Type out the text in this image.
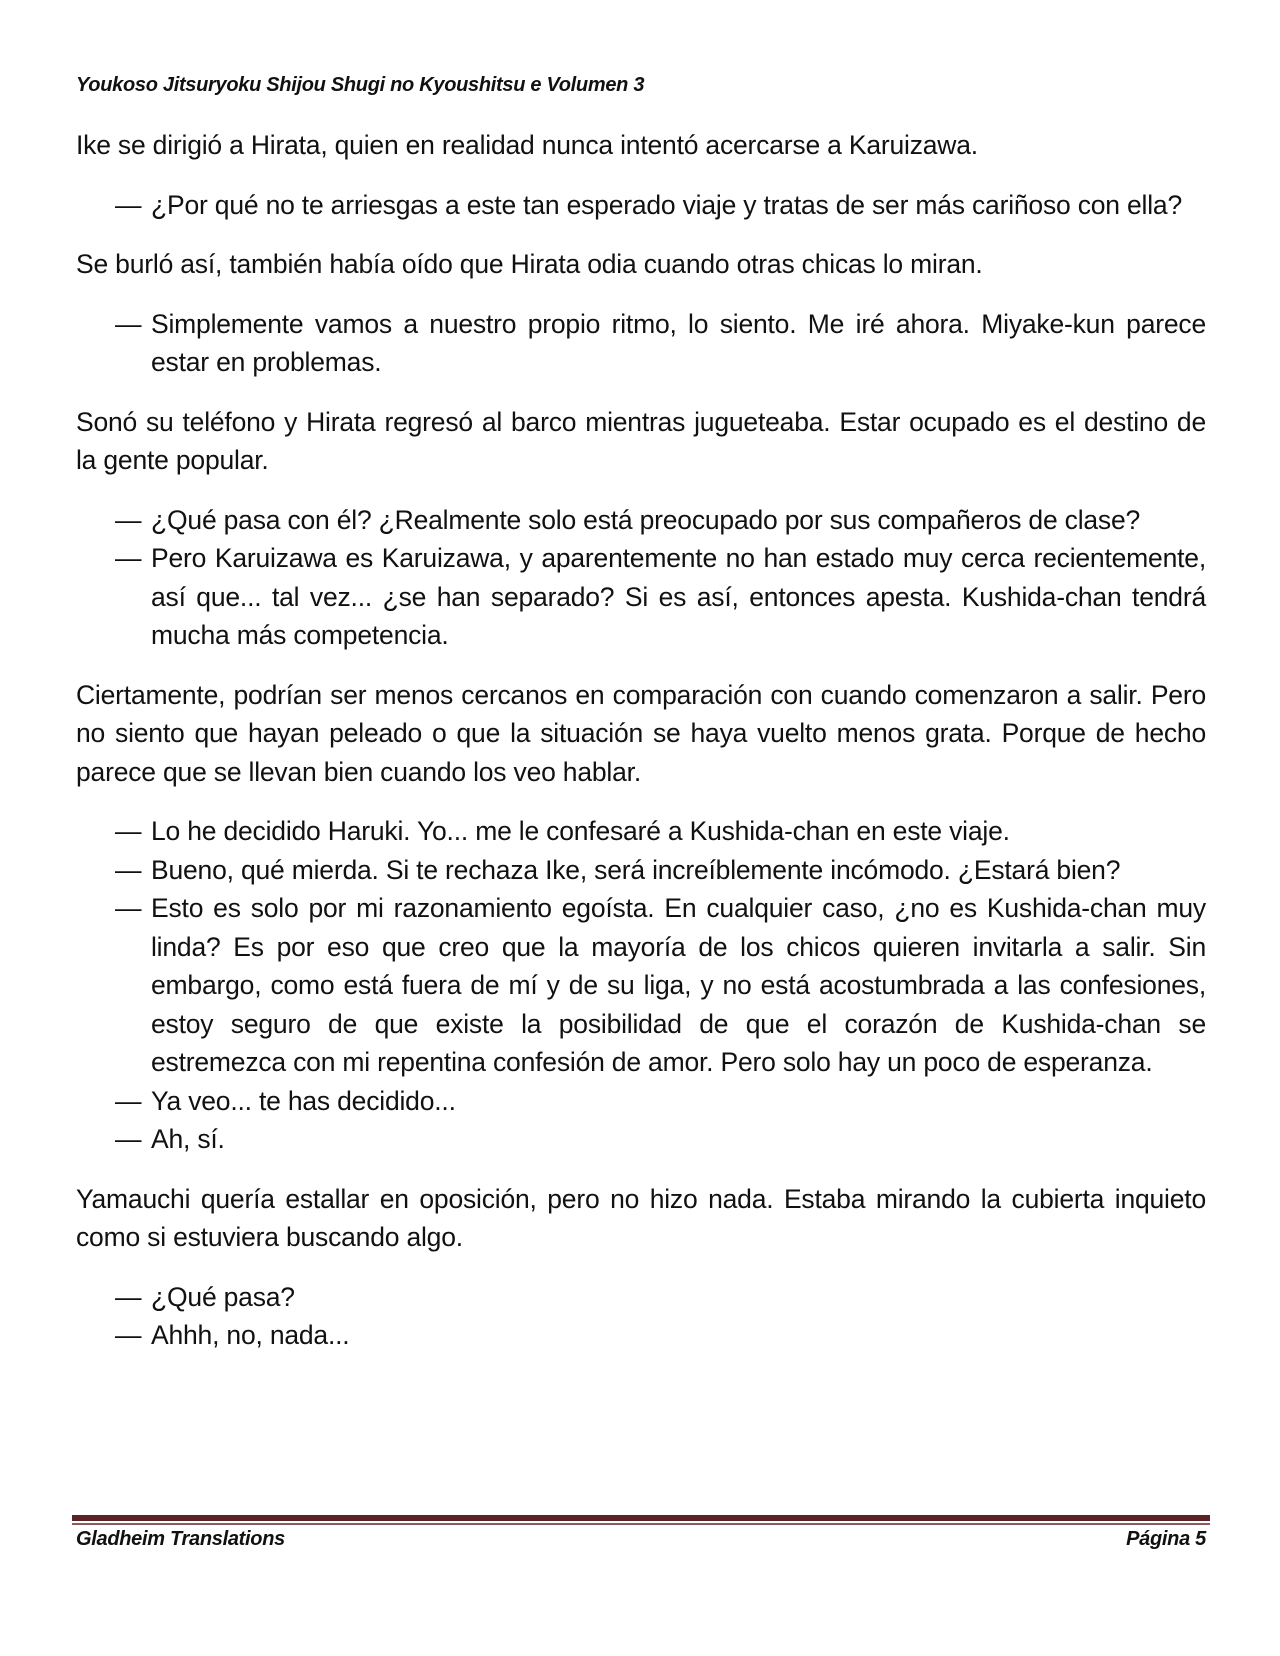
Youkoso Jitsuryoku Shijou Shugi no Kyoushitsu e Volumen 3

Ike se dirigió a Hirata, quien en realidad nunca intentó acercarse a Karuizawa.

— ¿Por qué no te arriesgas a este tan esperado viaje y tratas de ser más cariñoso con ella?

Se burló así, también había oído que Hirata odia cuando otras chicas lo miran.

— Simplemente vamos a nuestro propio ritmo, lo siento. Me iré ahora. Miyake-kun parece estar en problemas.

Sonó su teléfono y Hirata regresó al barco mientras jugueteaba. Estar ocupado es el destino de la gente popular.

— ¿Qué pasa con él? ¿Realmente solo está preocupado por sus compañeros de clase?
— Pero Karuizawa es Karuizawa, y aparentemente no han estado muy cerca recientemente, así que... tal vez... ¿se han separado? Si es así, entonces apesta. Kushida-chan tendrá mucha más competencia.

Ciertamente, podrían ser menos cercanos en comparación con cuando comenzaron a salir. Pero no siento que hayan peleado o que la situación se haya vuelto menos grata. Porque de hecho parece que se llevan bien cuando los veo hablar.

— Lo he decidido Haruki. Yo... me le confesaré a Kushida-chan en este viaje.
— Bueno, qué mierda. Si te rechaza Ike, será increíblemente incómodo. ¿Estará bien?
— Esto es solo por mi razonamiento egoísta. En cualquier caso, ¿no es Kushida-chan muy linda? Es por eso que creo que la mayoría de los chicos quieren invitarla a salir. Sin embargo, como está fuera de mí y de su liga, y no está acostumbrada a las confesiones, estoy seguro de que existe la posibilidad de que el corazón de Kushida-chan se estremezca con mi repentina confesión de amor. Pero solo hay un poco de esperanza.
— Ya veo... te has decidido...
— Ah, sí.

Yamauchi quería estallar en oposición, pero no hizo nada. Estaba mirando la cubierta inquieto como si estuviera buscando algo.

— ¿Qué pasa?
— Ahhh, no, nada...
Gladheim Translations	Página 5
